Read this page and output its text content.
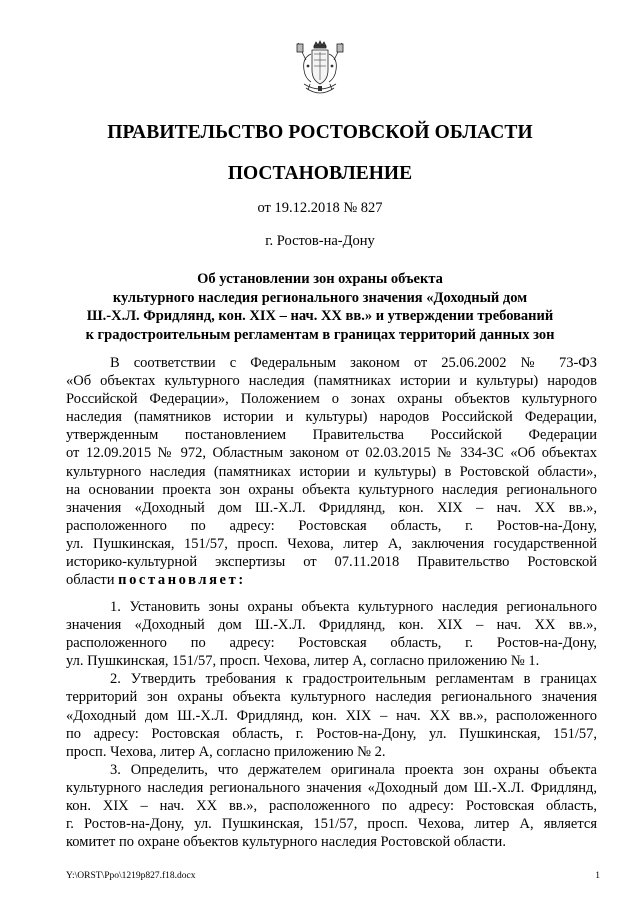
ПРАВИТЕЛЬСТВО РОСТОВСКОЙ ОБЛАСТИ
ПОСТАНОВЛЕНИЕ
от 19.12.2018 № 827
г. Ростов-на-Дону
Об установлении зон охраны объекта
культурного наследия регионального значения «Доходный дом
Ш.-Х.Л. Фридлянд, кон. XIX – нач. XX вв.» и утверждении требований
к градостроительным регламентам в границах территорий данных зон
В соответствии с Федеральным законом от 25.06.2002 № 73-ФЗ
«Об объектах культурного наследия (памятниках истории и культуры) народов
Российской Федерации», Положением о зонах охраны объектов культурного
наследия (памятников истории и культуры) народов Российской Федерации,
утвержденным постановлением Правительства Российской Федерации
от 12.09.2015 № 972, Областным законом от 02.03.2015 № 334-ЗС «Об объектах
культурного наследия (памятниках истории и культуры) в Ростовской области»,
на основании проекта зон охраны объекта культурного наследия регионального
значения «Доходный дом Ш.-Х.Л. Фридлянд, кон. XIX – нач. XX вв.»,
расположенного по адресу: Ростовская область, г. Ростов-на-Дону,
ул. Пушкинская, 151/57, просп. Чехова, литер А, заключения государственной
историко-культурной экспертизы от 07.11.2018 Правительство Ростовской
области постановляет:
1. Установить зоны охраны объекта культурного наследия регионального
значения «Доходный дом Ш.-Х.Л. Фридлянд, кон. XIX – нач. XX вв.»,
расположенного по адресу: Ростовская область, г. Ростов-на-Дону,
ул. Пушкинская, 151/57, просп. Чехова, литер А, согласно приложению № 1.
2. Утвердить требования к градостроительным регламентам в границах
территорий зон охраны объекта культурного наследия регионального значения
«Доходный дом Ш.-Х.Л. Фридлянд, кон. XIX – нач. XX вв.», расположенного
по адресу: Ростовская область, г. Ростов-на-Дону, ул. Пушкинская, 151/57,
просп. Чехова, литер А, согласно приложению № 2.
3. Определить, что держателем оригинала проекта зон охраны объекта
культурного наследия регионального значения «Доходный дом Ш.-Х.Л. Фридлянд,
кон. XIX – нач. XX вв.», расположенного по адресу: Ростовская область,
г. Ростов-на-Дону, ул. Пушкинская, 151/57, просп. Чехова, литер А, является
комитет по охране объектов культурного наследия Ростовской области.
Y:\ORST\Ppo\1219p827.f18.docx	1
